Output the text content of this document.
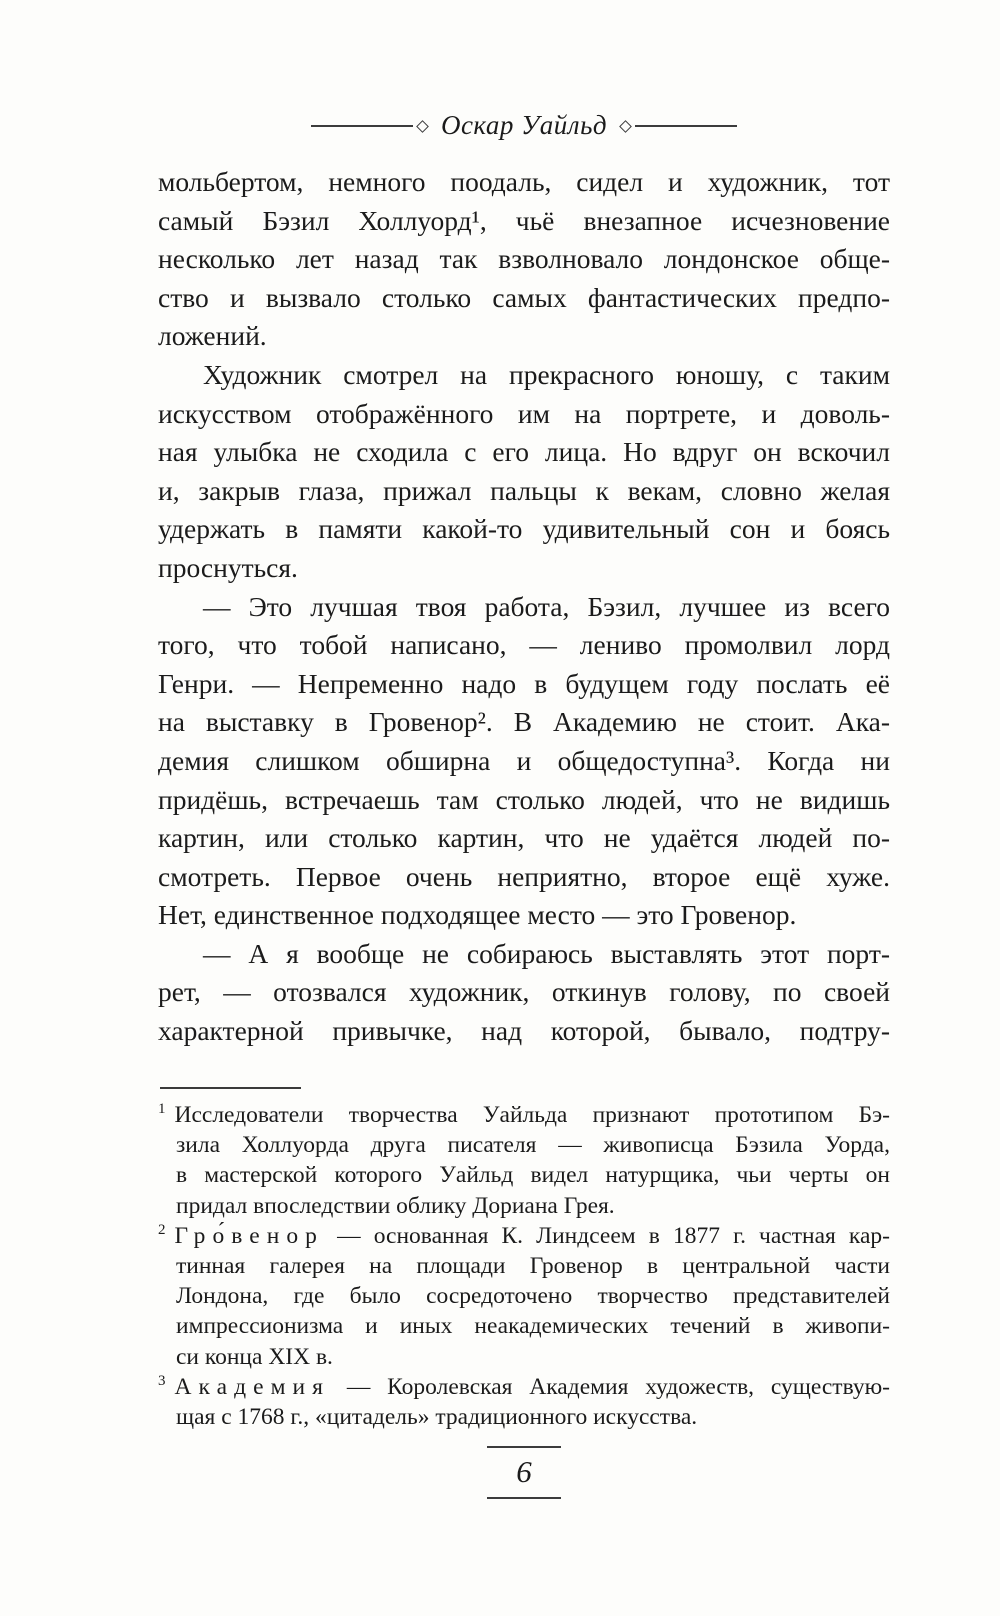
Оскар Уайльд
мольбертом, немного поодаль, сидел и художник, тот
самый Бэзил Холлуорд¹, чьё внезапное исчезновение
несколько лет назад так взволновало лондонское обще-
ство и вызвало столько самых фантастических предпо-
ложений.
Художник смотрел на прекрасного юношу, с таким
искусством отображённого им на портрете, и доволь-
ная улыбка не сходила с его лица. Но вдруг он вскочил
и, закрыв глаза, прижал пальцы к векам, словно желая
удержать в памяти какой-то удивительный сон и боясь
проснуться.
— Это лучшая твоя работа, Бэзил, лучшее из всего
того, что тобой написано, — лениво промолвил лорд
Генри. — Непременно надо в будущем году послать её
на выставку в Гровенор². В Академию не стоит. Ака-
демия слишком обширна и общедоступна³. Когда ни
придёшь, встречаешь там столько людей, что не видишь
картин, или столько картин, что не удаётся людей по-
смотреть. Первое очень неприятно, второе ещё хуже.
Нет, единственное подходящее место — это Гровенор.
— А я вообще не собираюсь выставлять этот порт-
рет, — отозвался художник, откинув голову, по своей
характерной привычке, над которой, бывало, подтру-
$^1$ Исследователи творчества Уайльда признают прототипом Бэ-
зила Холлуорда друга писателя — живописца Бэзила Уорда,
в мастерской которого Уайльд видел натурщика, чьи черты он
придал впоследствии облику Дориана Грея.
$^2$ Гро́венор — основанная К. Линдсеем в 1877 г. частная кар-
тинная галерея на площади Гровенор в центральной части
Лондона, где было сосредоточено творчество представителей
импрессионизма и иных неакадемических течений в живопи-
си конца XIX в.
$^3$ Академия — Королевская Академия художеств, существую-
щая с 1768 г., «цитадель» традиционного искусства.
6
